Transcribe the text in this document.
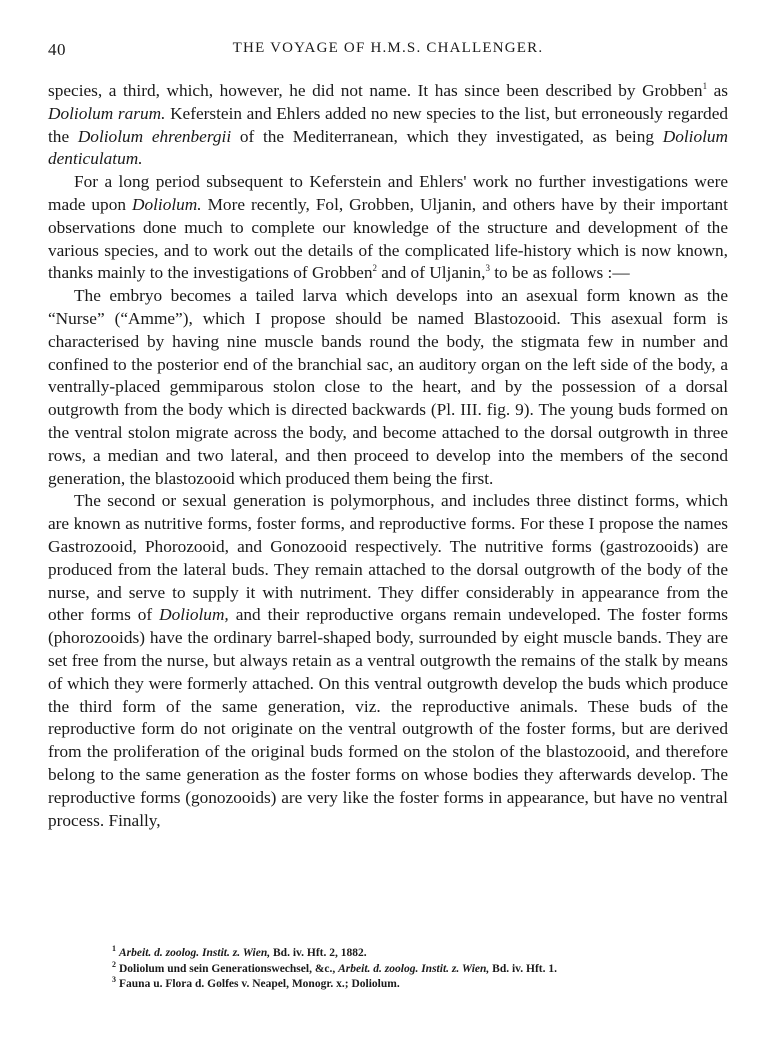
40	THE VOYAGE OF H.M.S. CHALLENGER.

species, a third, which, however, he did not name. It has since been described by Grobben$^1$ as Doliolum rarum. Keferstein and Ehlers added no new species to the list, but erroneously regarded the Doliolum ehrenbergii of the Mediterranean, which they investigated, as being Doliolum denticulatum.

For a long period subsequent to Keferstein and Ehlers' work no further investigations were made upon Doliolum. More recently, Fol, Grobben, Uljanin, and others have by their important observations done much to complete our knowledge of the structure and development of the various species, and to work out the details of the complicated life-history which is now known, thanks mainly to the investigations of Grobben$^2$ and of Uljanin,$^3$ to be as follows :—

The embryo becomes a tailed larva which develops into an asexual form known as the “Nurse” (“Amme”), which I propose should be named Blastozooid. This asexual form is characterised by having nine muscle bands round the body, the stigmata few in number and confined to the posterior end of the branchial sac, an auditory organ on the left side of the body, a ventrally-placed gemmiparous stolon close to the heart, and by the possession of a dorsal outgrowth from the body which is directed backwards (Pl. III. fig. 9). The young buds formed on the ventral stolon migrate across the body, and become attached to the dorsal outgrowth in three rows, a median and two lateral, and then proceed to develop into the members of the second generation, the blastozooid which produced them being the first.

The second or sexual generation is polymorphous, and includes three distinct forms, which are known as nutritive forms, foster forms, and reproductive forms. For these I propose the names Gastrozooid, Phorozooid, and Gonozooid respectively. The nutritive forms (gastrozooids) are produced from the lateral buds. They remain attached to the dorsal outgrowth of the body of the nurse, and serve to supply it with nutriment. They differ considerably in appearance from the other forms of Doliolum, and their reproductive organs remain undeveloped. The foster forms (phorozooids) have the ordinary barrel-shaped body, surrounded by eight muscle bands. They are set free from the nurse, but always retain as a ventral outgrowth the remains of the stalk by means of which they were formerly attached. On this ventral outgrowth develop the buds which produce the third form of the same generation, viz. the reproductive animals. These buds of the reproductive form do not originate on the ventral outgrowth of the foster forms, but are derived from the proliferation of the original buds formed on the stolon of the blastozooid, and therefore belong to the same generation as the foster forms on whose bodies they afterwards develop. The reproductive forms (gonozooids) are very like the foster forms in appearance, but have no ventral process. Finally,

$^1$ Arbeit. d. zoolog. Instit. z. Wien, Bd. iv. Hft. 2, 1882.
$^2$ Doliolum und sein Generationswechsel, &c., Arbeit. d. zoolog. Instit. z. Wien, Bd. iv. Hft. 1.
$^3$ Fauna u. Flora d. Golfes v. Neapel, Monogr. x.; Doliolum.
